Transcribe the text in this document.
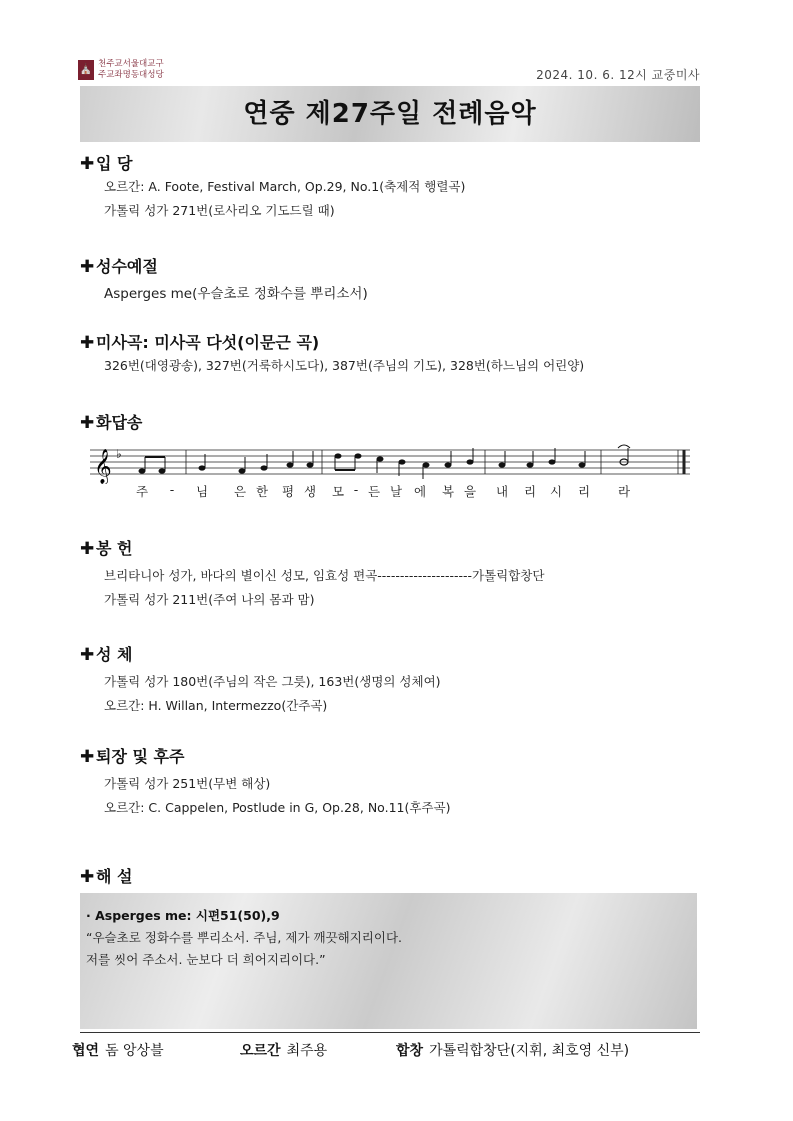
⛪ 천주교서울대교구
주교좌명동대성당	2024. 10. 6. 12시 교중미사
연중 제27주일 전례음악
✚ 입 당
오르간: A. Foote, Festival March, Op.29, No.1(축제적 행렬곡)
가톨릭 성가 271번(로사리오 기도드릴 때)
✚ 성수예절
Asperges me(우슬초로 정화수를 뿌리소서)
✚ 미사곡: 미사곡 다섯(이문근 곡)
326번(대영광송), 327번(거룩하시도다), 387번(주님의 기도), 328번(하느님의 어린양)
✚ 화답송
𝄞 ♭
주 - 님 은 한 평 생 모 - 든 날 에 복 을 내 리 시 리 라
✚ 봉 헌
브리타니아 성가, 바다의 별이신 성모, 임효성 편곡---------------------가톨릭합창단
가톨릭 성가 211번(주여 나의 몸과 맘)
✚ 성 체
가톨릭 성가 180번(주님의 작은 그릇), 163번(생명의 성체여)
오르간: H. Willan, Intermezzo(간주곡)
✚ 퇴장 및 후주
가톨릭 성가 251번(무변 해상)
오르간: C. Cappelen, Postlude in G, Op.28, No.11(후주곡)
✚ 해 설
· Asperges me: 시편51(50),9
“우슬초로 정화수를 뿌리소서. 주님, 제가 깨끗해지리이다.
저를 씻어 주소서. 눈보다 더 희어지리이다.”
협연 돔 앙상블	오르간 최주용	합창 가톨릭합창단(지휘, 최호영 신부)
